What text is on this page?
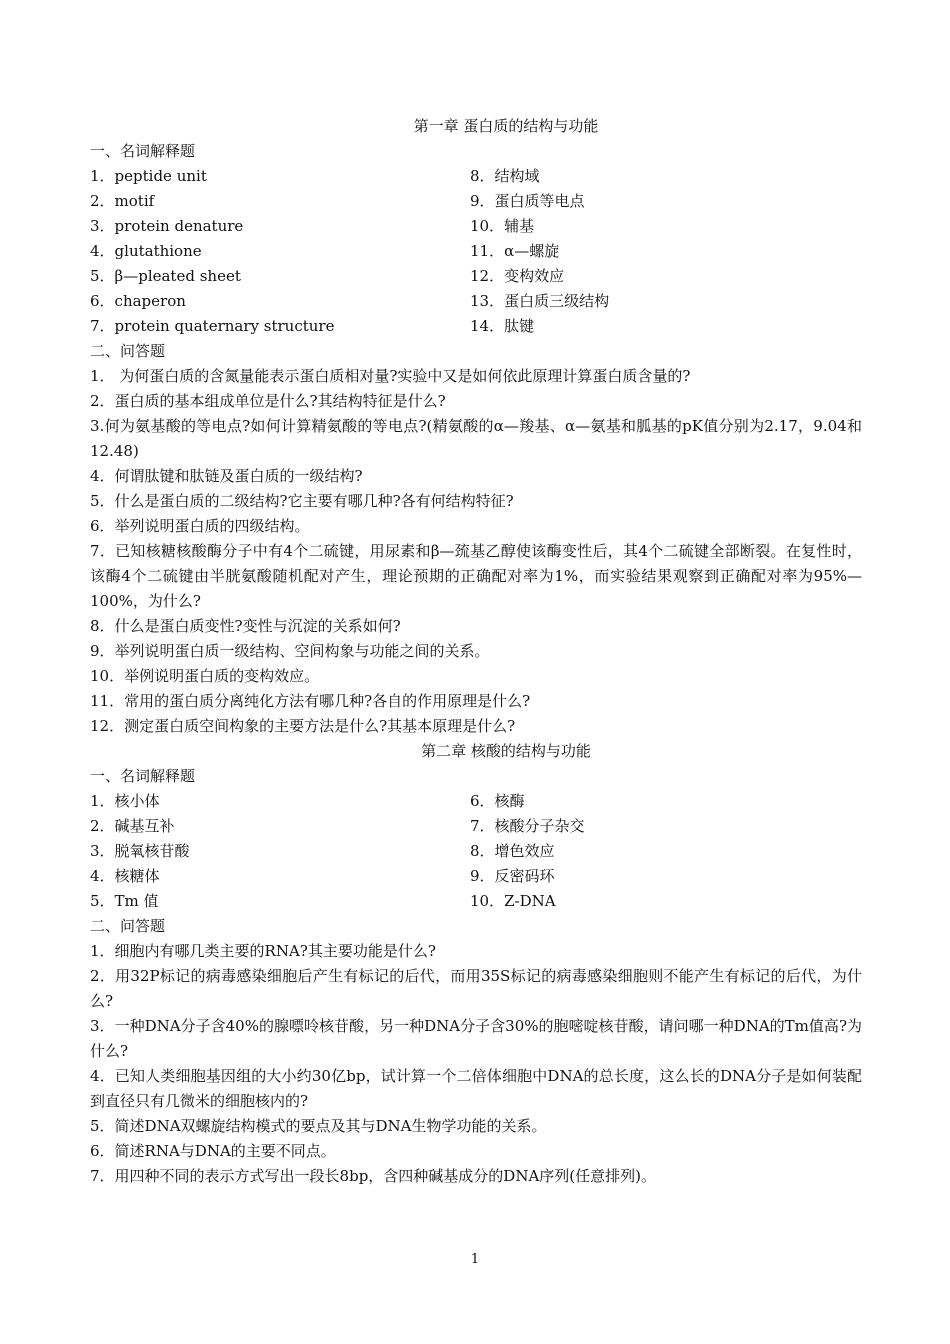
第一章 蛋白质的结构与功能
一、名词解释题
1．peptide unit	8．结构域
2．motif	9．蛋白质等电点
3．protein denature	10．辅基
4．glutathione	11．α—螺旋
5．β—pleated sheet	12．变构效应
6．chaperon	13．蛋白质三级结构
7．protein quaternary structure	14．肽键
二、问答题
1． 为何蛋白质的含氮量能表示蛋白质相对量?实验中又是如何依此原理计算蛋白质含量的?
2．蛋白质的基本组成单位是什么?其结构特征是什么?
3.何为氨基酸的等电点?如何计算精氨酸的等电点?(精氨酸的α—羧基、α—氨基和胍基的pK值分别为2.17，9.04和12.48)
4．何谓肽键和肽链及蛋白质的一级结构?
5．什么是蛋白质的二级结构?它主要有哪几种?各有何结构特征?
6．举列说明蛋白质的四级结构。
7．已知核糖核酸酶分子中有4个二硫键，用尿素和β—巯基乙醇使该酶变性后，其4个二硫键全部断裂。在复性时，该酶4个二硫键由半胱氨酸随机配对产生，理论预期的正确配对率为1%，而实验结果观察到正确配对率为95%—100%，为什么?
8．什么是蛋白质变性?变性与沉淀的关系如何?
9．举列说明蛋白质一级结构、空间构象与功能之间的关系。
10．举例说明蛋白质的变构效应。
11．常用的蛋白质分离纯化方法有哪几种?各自的作用原理是什么?
12．测定蛋白质空间构象的主要方法是什么?其基本原理是什么?
第二章 核酸的结构与功能
一、名词解释题
1．核小体	6．核酶
2．碱基互补	7．核酸分子杂交
3．脱氧核苷酸	8．增色效应
4．核糖体	9．反密码环
5．Tm 值	10．Z-DNA
二、问答题
1．细胞内有哪几类主要的RNA?其主要功能是什么?
2．用32P标记的病毒感染细胞后产生有标记的后代，而用35S标记的病毒感染细胞则不能产生有标记的后代，为什么?
3．一种DNA分子含40%的腺嘌呤核苷酸，另一种DNA分子含30%的胞嘧啶核苷酸，请问哪一种DNA的Tm值高?为什么?
4．已知人类细胞基因组的大小约30亿bp，试计算一个二倍体细胞中DNA的总长度，这么长的DNA分子是如何装配到直径只有几微米的细胞核内的?
5．简述DNA双螺旋结构模式的要点及其与DNA生物学功能的关系。
6．简述RNA与DNA的主要不同点。
7．用四种不同的表示方式写出一段长8bp，含四种碱基成分的DNA序列(任意排列)。
1
